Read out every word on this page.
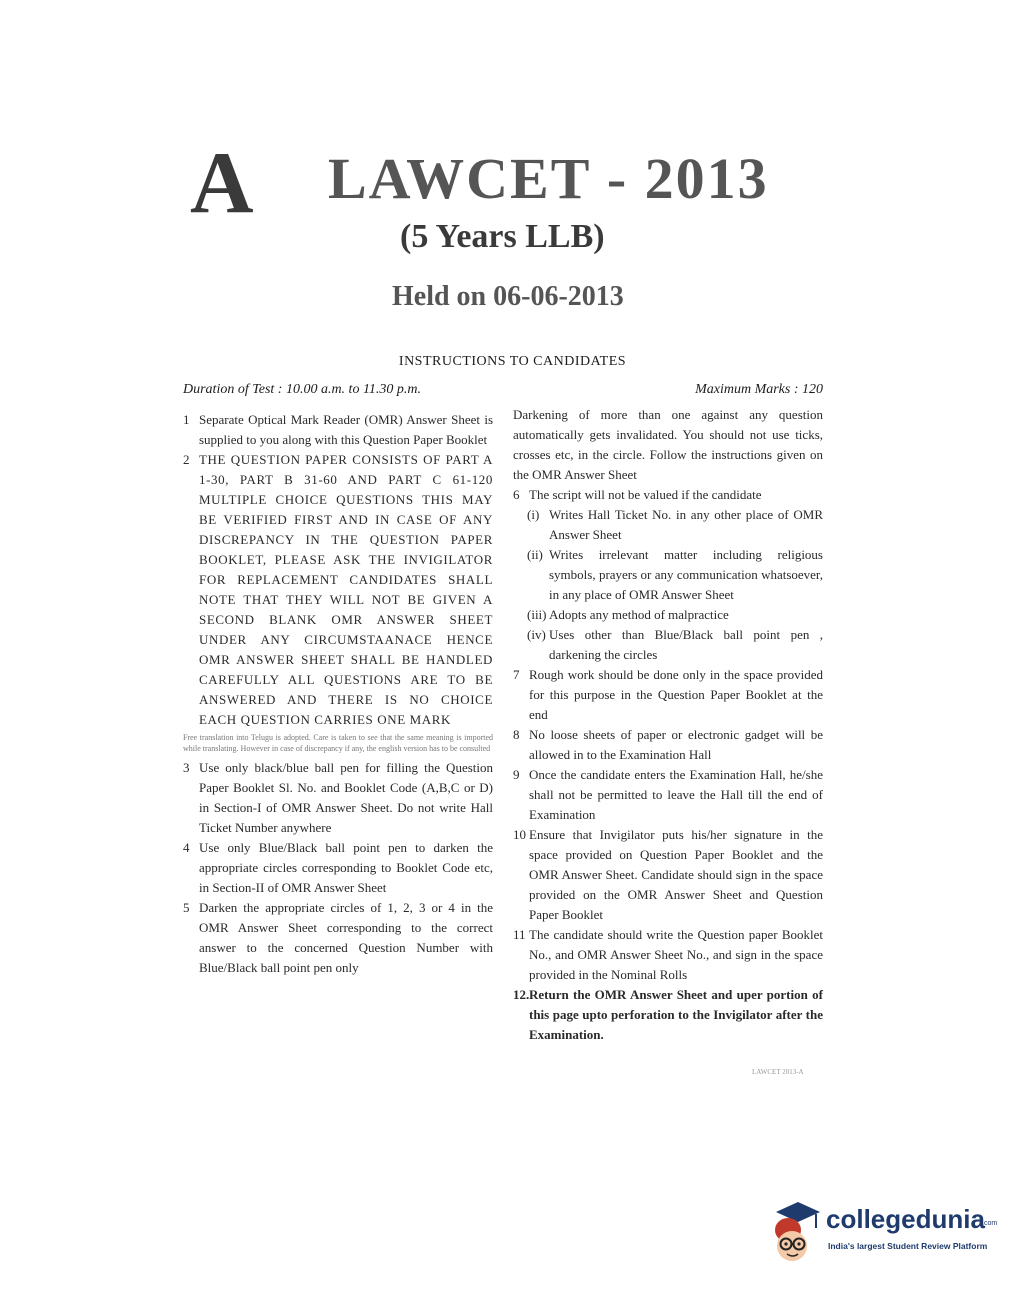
A LAWCET - 2013
(5 Years LLB)
Held on 06-06-2013
INSTRUCTIONS TO CANDIDATES
Duration of Test : 10.00 a.m. to 11.30 p.m.	Maximum Marks : 120
1 Separate Optical Mark Reader (OMR) Answer Sheet is supplied to you along with this Question Paper Booklet
2 THE QUESTION PAPER CONSISTS OF PART A 1-30, PART B 31-60 AND PART C 61-120 MULTIPLE CHOICE QUESTIONS THIS MAY BE VERIFIED FIRST AND IN CASE OF ANY DISCREPANCY IN THE QUESTION PAPER BOOKLET, PLEASE ASK THE INVIGILATOR FOR REPLACEMENT CANDIDATES SHALL NOTE THAT THEY WILL NOT BE GIVEN A SECOND BLANK OMR ANSWER SHEET UNDER ANY CIRCUMSTAANACE HENCE OMR ANSWER SHEET SHALL BE HANDLED CAREFULLY ALL QUESTIONS ARE TO BE ANSWERED AND THERE IS NO CHOICE EACH QUESTION CARRIES ONE MARK
Free translation into Telugu is adopted. Care is taken to see that the same meaning is imported while translating. However in case of discrepancy if any, the english version has to be consulted
3 Use only black/blue ball pen for filling the Question Paper Booklet Sl. No. and Booklet Code (A,B,C or D) in Section-I of OMR Answer Sheet. Do not write Hall Ticket Number anywhere
4 Use only Blue/Black ball point pen to darken the appropriate circles corresponding to Booklet Code etc, in Section-II of OMR Answer Sheet
5 Darken the appropriate circles of 1, 2, 3 or 4 in the OMR Answer Sheet corresponding to the correct answer to the concerned Question Number with Blue/Black ball point pen only
Darkening of more than one against any question automatically gets invalidated. You should not use ticks, crosses etc, in the circle. Follow the instructions given on the OMR Answer Sheet
6 The script will not be valued if the candidate
(i) Writes Hall Ticket No. in any other place of OMR Answer Sheet
(ii) Writes irrelevant matter including religious symbols, prayers or any communication whatsoever, in any place of OMR Answer Sheet
(iii) Adopts any method of malpractice
(iv) Uses other than Blue/Black ball point pen , darkening the circles
7 Rough work should be done only in the space provided for this purpose in the Question Paper Booklet at the end
8 No loose sheets of paper or electronic gadget will be allowed in to the Examination Hall
9 Once the candidate enters the Examination Hall, he/she shall not be permitted to leave the Hall till the end of Examination
10 Ensure that Invigilator puts his/her signature in the space provided on Question Paper Booklet and the OMR Answer Sheet. Candidate should sign in the space provided on the OMR Answer Sheet and Question Paper Booklet
11 The candidate should write the Question paper Booklet No., and OMR Answer Sheet No., and sign in the space provided in the Nominal Rolls
12. Return the OMR Answer Sheet and uper portion of this page upto perforation to the Invigilator after the Examination.
LAWCET 2013-A
collegedunia
.com
India's largest Student Review Platform
